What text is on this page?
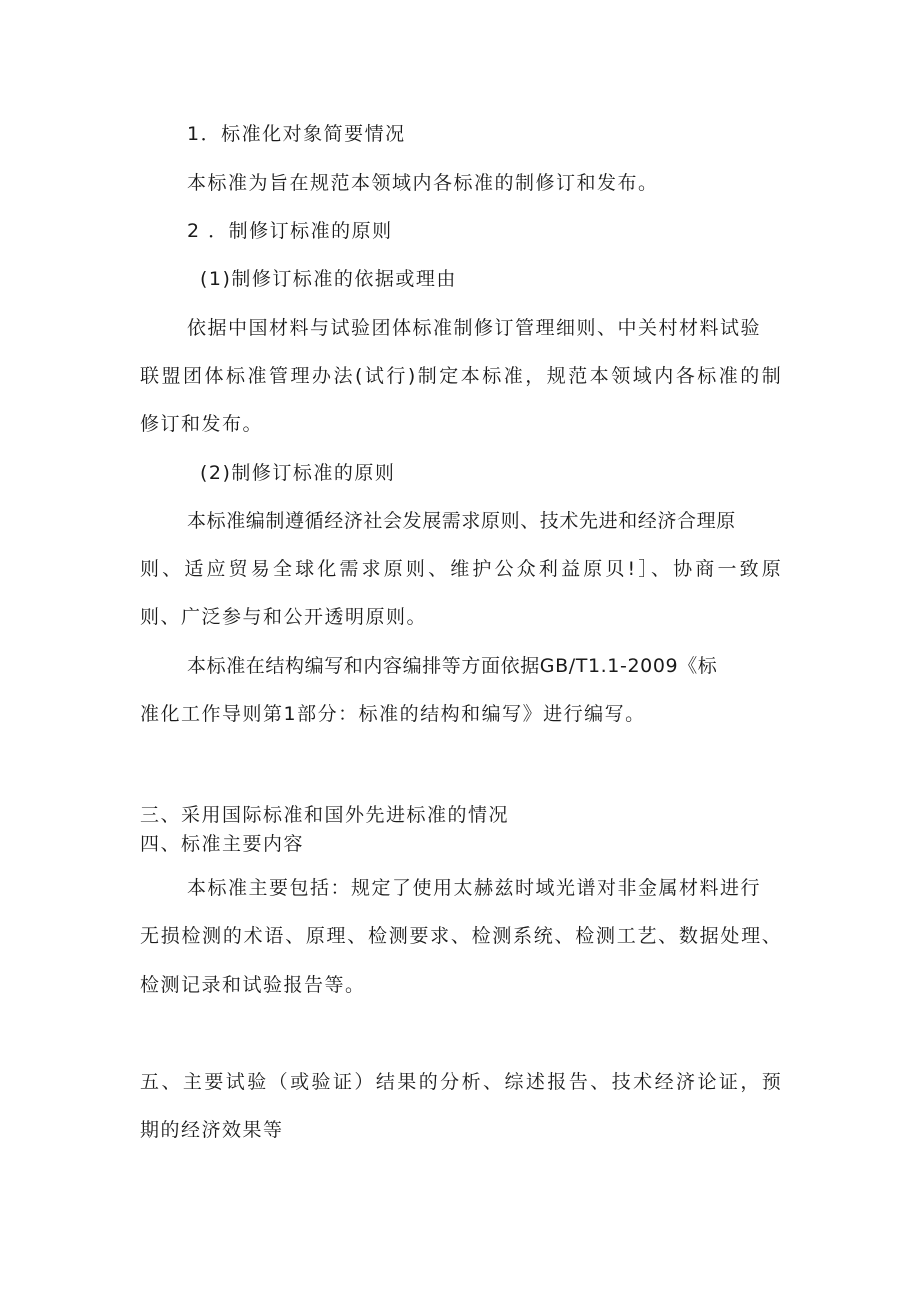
1．标准化对象简要情况
本标准为旨在规范本领域内各标准的制修订和发布。
2 ．制修订标准的原则
(1)制修订标准的依据或理由
依据中国材料与试验团体标准制修订管理细则、中关村材料试验
联盟团体标准管理办法(试行)制定本标准，规范本领域内各标准的制
修订和发布。
(2)制修订标准的原则
本标准编制遵循经济社会发展需求原则、技术先进和经济合理原
则、适应贸易全球化需求原则、维护公众利益原贝!］、协商一致原
则、广泛参与和公开透明原则。
本标准在结构编写和内容编排等方面依据GB/T1.1-2009《标
准化工作导则第1部分：标准的结构和编写》进行编写。
三、采用国际标准和国外先进标准的情况
四、标准主要内容
本标准主要包括：规定了使用太赫兹时域光谱对非金属材料进行
无损检测的术语、原理、检测要求、检测系统、检测工艺、数据处理、
检测记录和试验报告等。
五、主要试验（或验证）结果的分析、综述报告、技术经济论证，预
期的经济效果等
